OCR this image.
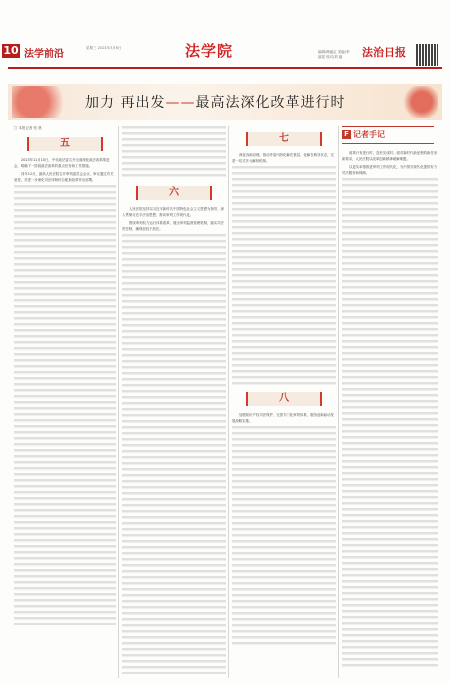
10 法学前沿
星期三 2024年3月6日	法学院	编辑/韩编定 美编/李丽星 校对/刘 毅	法治日报
加力 再出发——最高法深化改革进行时
□ 本报记者 张 晨
五

2023年11月10日，中央政法委召开全面深化政法改革推进会，明确下一阶段政法改革的重点任务和工作措施。

同年12月，最高人民法院召开审判委员会会议，审议通过有关意见，对进一步深化司法体制综合配套改革作出部署。

六

人民法院坚持以习近平新时代中国特色社会主义思想为指导，深入贯彻习近平法治思想，推动审判工作现代化。

围绕审判权力运行体系改革，健全审判监督管理机制，落实司法责任制，确保放权不放任。

七

深化诉源治理，推动矛盾纠纷化解在基层、化解在萌芽状态，完善一站式多元解纷机制。

八

加强知识产权司法保护，完善专门化审判体系，服务创新驱动发展战略实施。

F 记者手记

改革只有进行时，没有完成时。面对新时代新征程的新任务新要求，人民法院以改革创新精神破解难题。

以更实举措推进审判工作现代化，为中国式现代化提供有力司法服务和保障。
